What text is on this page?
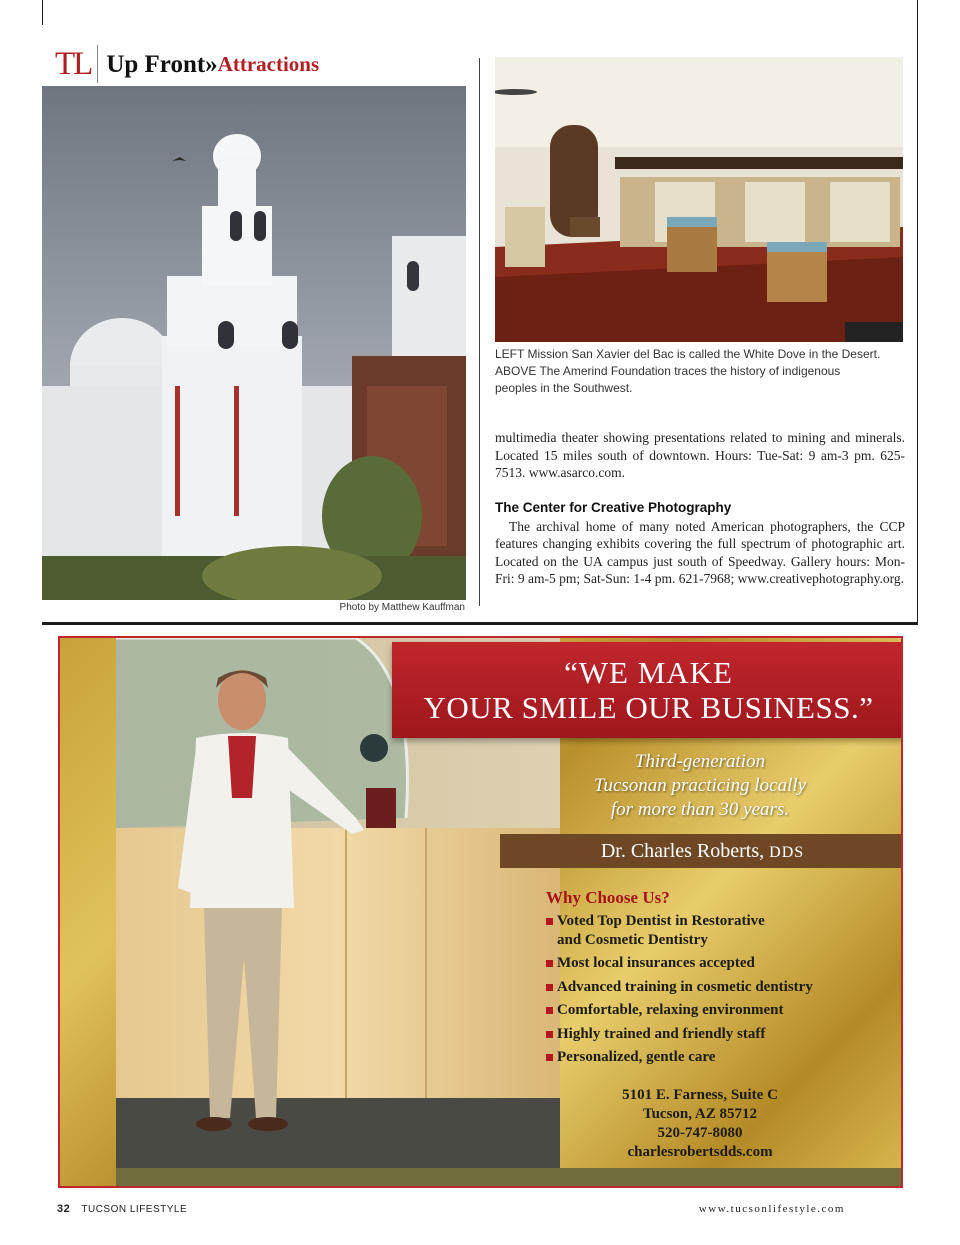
TL Up Front» Attractions
Photo by Matthew Kauffman
LEFT Mission San Xavier del Bac is called the White Dove in the Desert.
ABOVE The Amerind Foundation traces the history of indigenous
peoples in the Southwest.

multimedia theater showing presentations related to mining and minerals. Located 15 miles south of downtown. Hours: Tue-Sat: 9 am-3 pm. 625-7513. www.asarco.com.

The Center for Creative Photography

The archival home of many noted American photographers, the CCP features changing exhibits covering the full spectrum of photographic art. Located on the UA campus just south of Speedway. Gallery hours: Mon-Fri: 9 am-5 pm; Sat-Sun: 1-4 pm. 621-7968; www.creativephotography.org.

“WE MAKE
YOUR SMILE OUR BUSINESS.”
Third-generation
Tucsonan practicing locally
for more than 30 years.
Dr. Charles Roberts, DDS
Why Choose Us?
Voted Top Dentist in Restorative
and Cosmetic Dentistry
Most local insurances accepted
Advanced training in cosmetic dentistry
Comfortable, relaxing environment
Highly trained and friendly staff
Personalized, gentle care
5101 E. Farness, Suite C
Tucson, AZ 85712
520-747-8080
charlesrobertsdds.com
32 TUCSON LIFESTYLE	www.tucsonlifestyle.com
